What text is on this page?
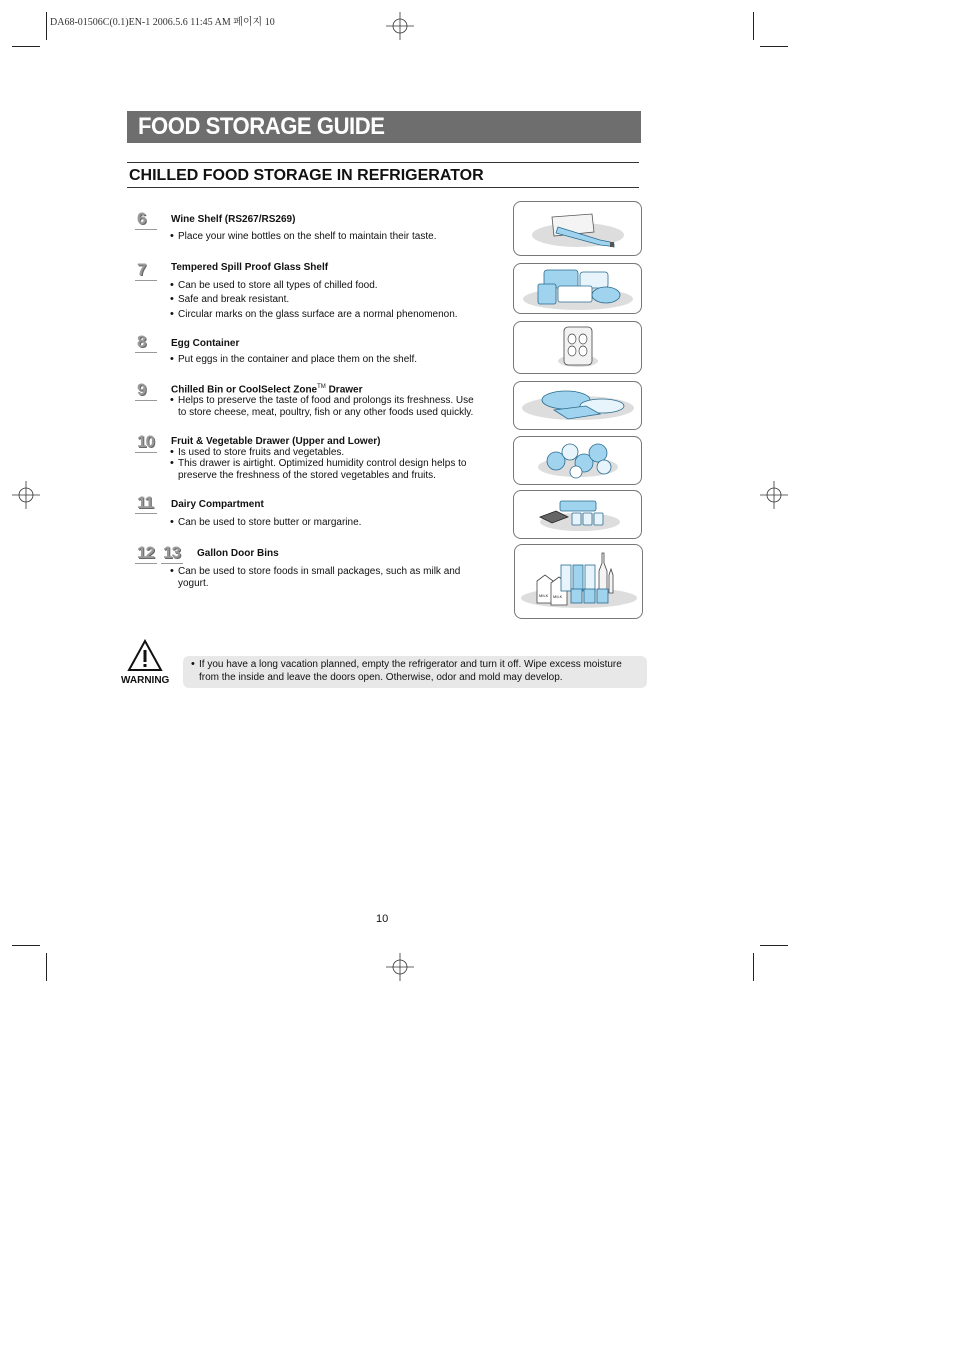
DA68-01506C(0.1)EN-1 2006.5.6 11:45 AM 페이지 10
FOOD STORAGE GUIDE
CHILLED FOOD STORAGE IN REFRIGERATOR
6	Wine Shelf (RS267/RS269)
• Place your wine bottles on the shelf to maintain their taste.
7	Tempered Spill Proof Glass Shelf
• Can be used to store all types of chilled food.
• Safe and break resistant.
• Circular marks on the glass surface are a normal phenomenon.
8	Egg Container
• Put eggs in the container and place them on the shelf.
9	Chilled Bin or CoolSelect Zone™ Drawer
• Helps to preserve the taste of food and prolongs its freshness. Use to store cheese, meat, poultry, fish or any other foods used quickly.
10 Fruit & Vegetable Drawer (Upper and Lower)
• Is used to store fruits and vegetables.
• This drawer is airtight. Optimized humidity control design helps to preserve the freshness of the stored vegetables and fruits.
11 Dairy Compartment
• Can be used to store butter or margarine.
12 13 Gallon Door Bins
• Can be used to store foods in small packages, such as milk and yogurt.
MILK MILK
WARNING
• If you have a long vacation planned, empty the refrigerator and turn it off. Wipe excess moisture from the inside and leave the doors open. Otherwise, odor and mold may develop.
10
